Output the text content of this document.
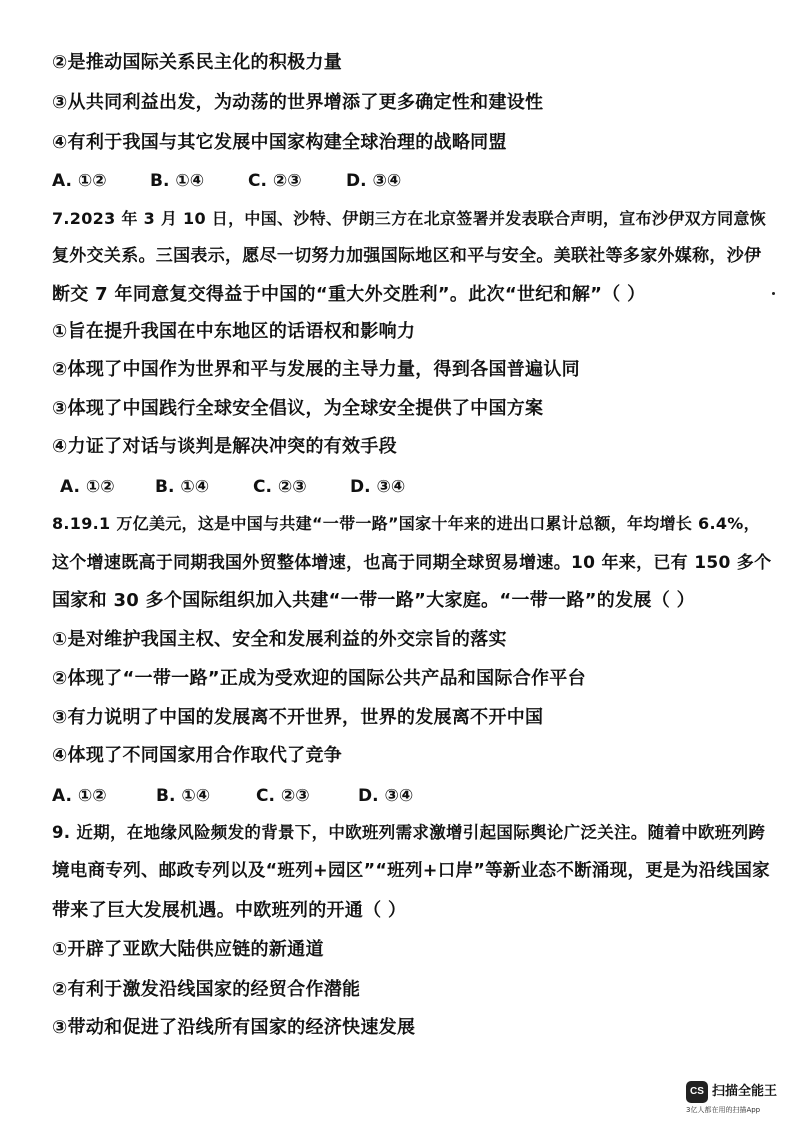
②是推动国际关系民主化的积极力量
③从共同利益出发，为动荡的世界增添了更多确定性和建设性
④有利于我国与其它发展中国家构建全球治理的战略同盟
A. ①②	B. ①④	C. ②③	D. ③④
7.2023 年 3 月 10 日，中国、沙特、伊朗三方在北京签署并发表联合声明，宣布沙伊双方同意恢
复外交关系。三国表示，愿尽一切努力加强国际地区和平与安全。美联社等多家外媒称，沙伊
断交 7 年同意复交得益于中国的“重大外交胜利”。此次“世纪和解”（ ）
①旨在提升我国在中东地区的话语权和影响力
②体现了中国作为世界和平与发展的主导力量，得到各国普遍认同
③体现了中国践行全球安全倡议，为全球安全提供了中国方案
④力证了对话与谈判是解决冲突的有效手段
A. ①② B. ①④	C. ②③	D. ③④
8.19.1 万亿美元，这是中国与共建“一带一路”国家十年来的进出口累计总额，年均增长 6.4%，
这个增速既高于同期我国外贸整体增速，也高于同期全球贸易增速。10 年来，已有 150 多个
国家和 30 多个国际组织加入共建“一带一路”大家庭。“一带一路”的发展（ ）
①是对维护我国主权、安全和发展利益的外交宗旨的落实
②体现了“一带一路”正成为受欢迎的国际公共产品和国际合作平台
③有力说明了中国的发展离不开世界，世界的发展离不开中国
④体现了不同国家用合作取代了竞争
A. ①②	B. ①④	C. ②③	D. ③④
9. 近期，在地缘风险频发的背景下，中欧班列需求激增引起国际舆论广泛关注。随着中欧班列跨
境电商专列、邮政专列以及“班列+园区”“班列+口岸”等新业态不断涌现，更是为沿线国家
带来了巨大发展机遇。中欧班列的开通（ ）
①开辟了亚欧大陆供应链的新通道
②有利于激发沿线国家的经贸合作潜能
③带动和促进了沿线所有国家的经济快速发展
CS 扫描全能王
3亿人都在用的扫描App
